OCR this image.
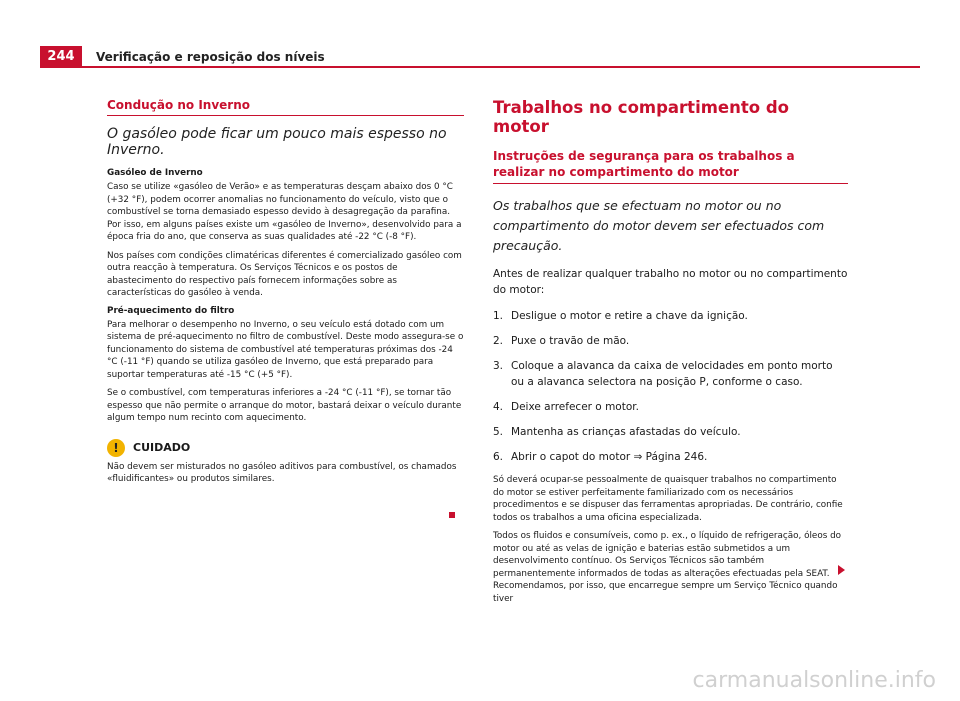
244	Verificação e reposição dos níveis

Condução no Inverno

O gasóleo pode ficar um pouco mais espesso no Inverno.

Gasóleo de Inverno

Caso se utilize «gasóleo de Verão» e as temperaturas desçam abaixo dos 0 °C (+32 °F), podem ocorrer anomalias no funcionamento do veículo, visto que o combustível se torna demasiado espesso devido à desagregação da parafina. Por isso, em alguns países existe um «gasóleo de Inverno», desenvolvido para a época fria do ano, que conserva as suas qualidades até -22 °C (-8 °F).

Nos países com condições climatéricas diferentes é comercializado gasóleo com outra reacção à temperatura. Os Serviços Técnicos e os postos de abastecimento do respectivo país fornecem informações sobre as características do gasóleo à venda.

Pré-aquecimento do filtro

Para melhorar o desempenho no Inverno, o seu veículo está dotado com um sistema de pré-aquecimento no filtro de combustível. Deste modo assegura-se o funcionamento do sistema de combustível até temperaturas próximas dos -24 °C (-11 °F) quando se utiliza gasóleo de Inverno, que está preparado para suportar temperaturas até -15 °C (+5 °F).

Se o combustível, com temperaturas inferiores a -24 °C (-11 °F), se tornar tão espesso que não permite o arranque do motor, bastará deixar o veículo durante algum tempo num recinto com aquecimento.

!	CUIDADO

Não devem ser misturados no gasóleo aditivos para combustível, os chamados «fluidificantes» ou produtos similares.

Trabalhos no compartimento do motor

Instruções de segurança para os trabalhos a realizar no compartimento do motor

Os trabalhos que se efectuam no motor ou no compartimento do motor devem ser efectuados com precaução.

Antes de realizar qualquer trabalho no motor ou no compartimento do motor:

1. Desligue o motor e retire a chave da ignição.
2. Puxe o travão de mão.
3. Coloque a alavanca da caixa de velocidades em ponto morto ou a alavanca selectora na posição P, conforme o caso.
4. Deixe arrefecer o motor.
5. Mantenha as crianças afastadas do veículo.
6. Abrir o capot do motor ⇒ Página 246.

Só deverá ocupar-se pessoalmente de quaisquer trabalhos no compartimento do motor se estiver perfeitamente familiarizado com os necessários procedimentos e se dispuser das ferramentas apropriadas. De contrário, confie todos os trabalhos a uma oficina especializada.

Todos os fluidos e consumíveis, como p. ex., o líquido de refrigeração, óleos do motor ou até as velas de ignição e baterias estão submetidos a um desenvolvimento contínuo. Os Serviços Técnicos são também permanentemente informados de todas as alterações efectuadas pela SEAT. Recomendamos, por isso, que encarregue sempre um Serviço Técnico quando tiver

carmanualsonline.info
